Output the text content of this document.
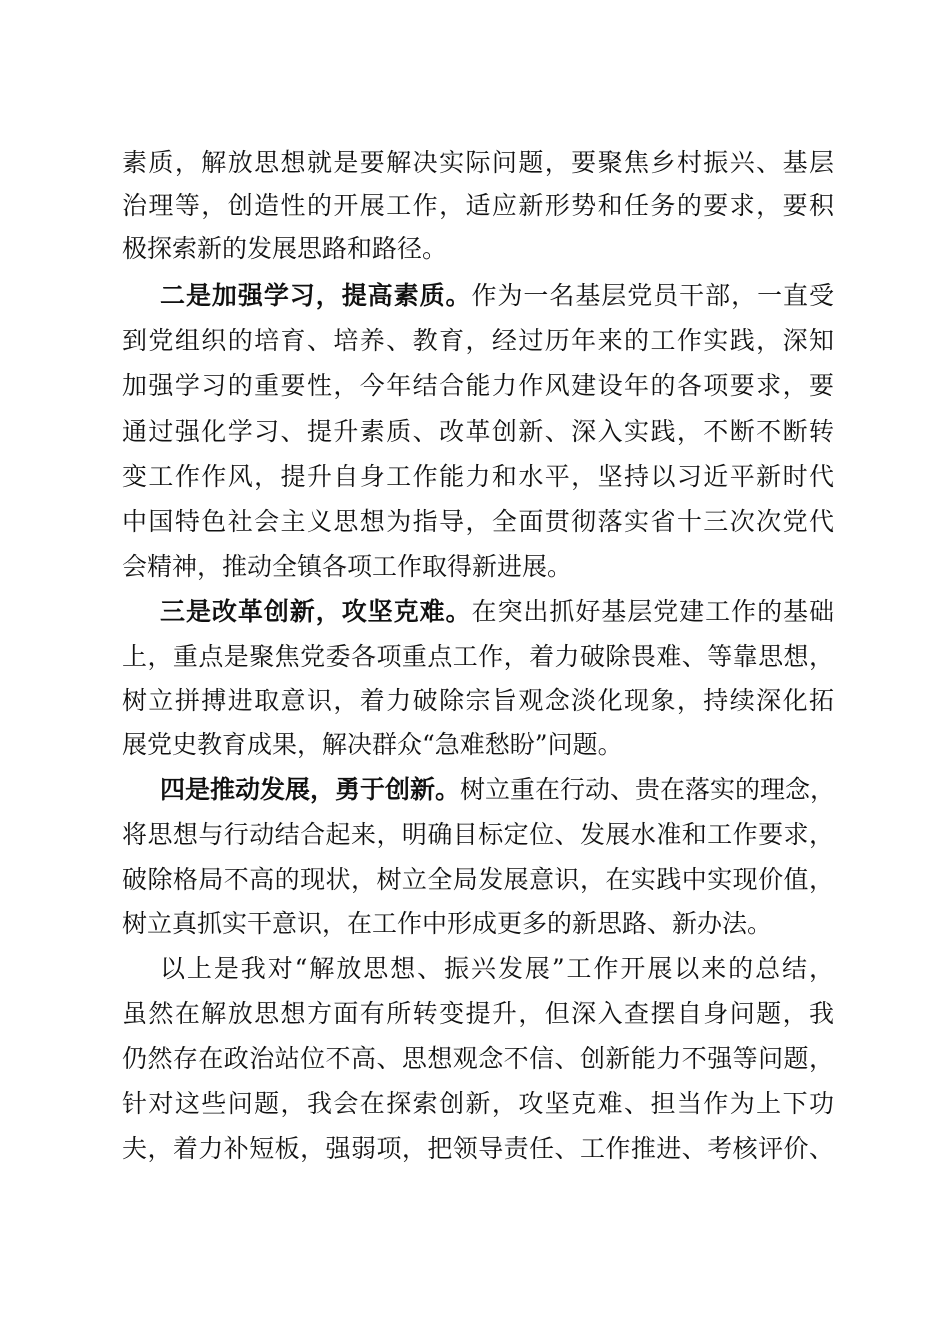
素质，解放思想就是要解决实际问题，要聚焦乡村振兴、基层
治理等，创造性的开展工作，适应新形势和任务的要求，要积
极探索新的发展思路和路径。
二是加强学习，提高素质。作为一名基层党员干部，一直受
到党组织的培育、培养、教育，经过历年来的工作实践，深知
加强学习的重要性，今年结合能力作风建设年的各项要求，要
通过强化学习、提升素质、改革创新、深入实践，不断不断转
变工作作风，提升自身工作能力和水平，坚持以习近平新时代
中国特色社会主义思想为指导，全面贯彻落实省十三次次党代
会精神，推动全镇各项工作取得新进展。
三是改革创新，攻坚克难。在突出抓好基层党建工作的基础
上，重点是聚焦党委各项重点工作，着力破除畏难、等靠思想，
树立拼搏进取意识，着力破除宗旨观念淡化现象，持续深化拓
展党史教育成果，解决群众“急难愁盼”问题。
四是推动发展，勇于创新。树立重在行动、贵在落实的理念，
将思想与行动结合起来，明确目标定位、发展水准和工作要求，
破除格局不高的现状，树立全局发展意识，在实践中实现价值，
树立真抓实干意识，在工作中形成更多的新思路、新办法。
以上是我对“解放思想、振兴发展”工作开展以来的总结，
虽然在解放思想方面有所转变提升，但深入查摆自身问题，我
仍然存在政治站位不高、思想观念不信、创新能力不强等问题，
针对这些问题，我会在探索创新，攻坚克难、担当作为上下功
夫，着力补短板，强弱项，把领导责任、工作推进、考核评价、
